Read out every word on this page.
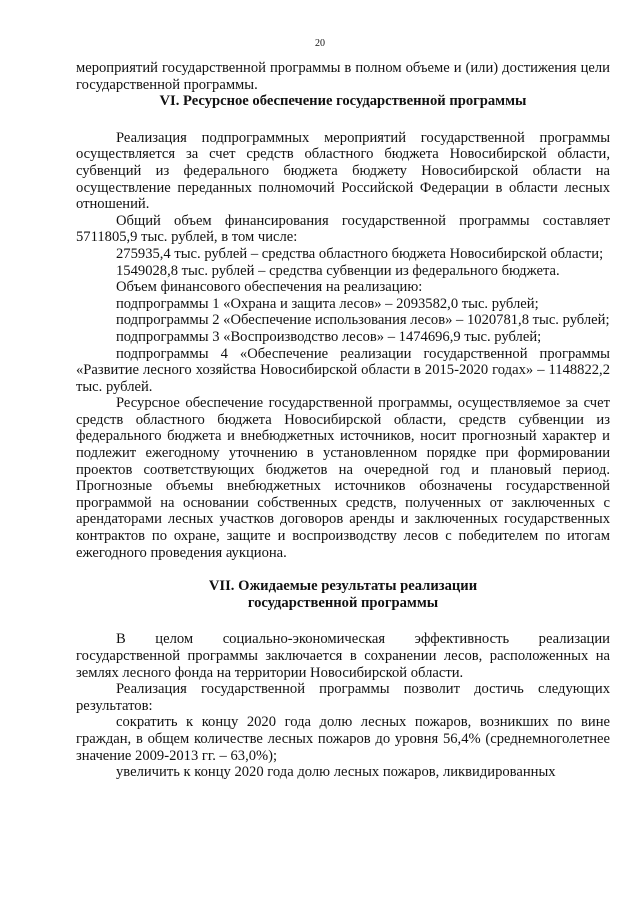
20

мероприятий государственной программы в полном объеме и (или) достижения цели государственной программы.

VI. Ресурсное обеспечение государственной программы

Реализация подпрограммных мероприятий государственной программы осуществляется за счет средств областного бюджета Новосибирской области, субвенций из федерального бюджета бюджету Новосибирской области на осуществление переданных полномочий Российской Федерации в области лесных отношений.

Общий объем финансирования государственной программы составляет 5711805,9 тыс. рублей, в том числе:

275935,4 тыс. рублей – средства областного бюджета Новосибирской области;

1549028,8 тыс. рублей – средства субвенции из федерального бюджета.

Объем финансового обеспечения на реализацию:

подпрограммы 1 «Охрана и защита лесов» – 2093582,0 тыс. рублей;

подпрограммы 2 «Обеспечение использования лесов» – 1020781,8 тыс. рублей;

подпрограммы 3 «Воспроизводство лесов» – 1474696,9 тыс. рублей;

подпрограммы 4 «Обеспечение реализации государственной программы «Развитие лесного хозяйства Новосибирской области в 2015-2020 годах» – 1148822,2 тыс. рублей.

Ресурсное обеспечение государственной программы, осуществляемое за счет средств областного бюджета Новосибирской области, средств субвенции из федерального бюджета и внебюджетных источников, носит прогнозный характер и подлежит ежегодному уточнению в установленном порядке при формировании проектов соответствующих бюджетов на очередной год и плановый период. Прогнозные объемы внебюджетных источников обозначены государственной программой на основании собственных средств, полученных от заключенных с арендаторами лесных участков договоров аренды и заключенных государственных контрактов по охране, защите и воспроизводству лесов с победителем по итогам ежегодного проведения аукциона.

VII. Ожидаемые результаты реализации

государственной программы

В целом социально-экономическая эффективность реализации государственной программы заключается в сохранении лесов, расположенных на землях лесного фонда на территории Новосибирской области.

Реализация государственной программы позволит достичь следующих результатов:

сократить к концу 2020 года долю лесных пожаров, возникших по вине граждан, в общем количестве лесных пожаров до уровня 56,4% (среднемноголетнее значение 2009-2013 гг. – 63,0%);

увеличить к концу 2020 года долю лесных пожаров, ликвидированных
